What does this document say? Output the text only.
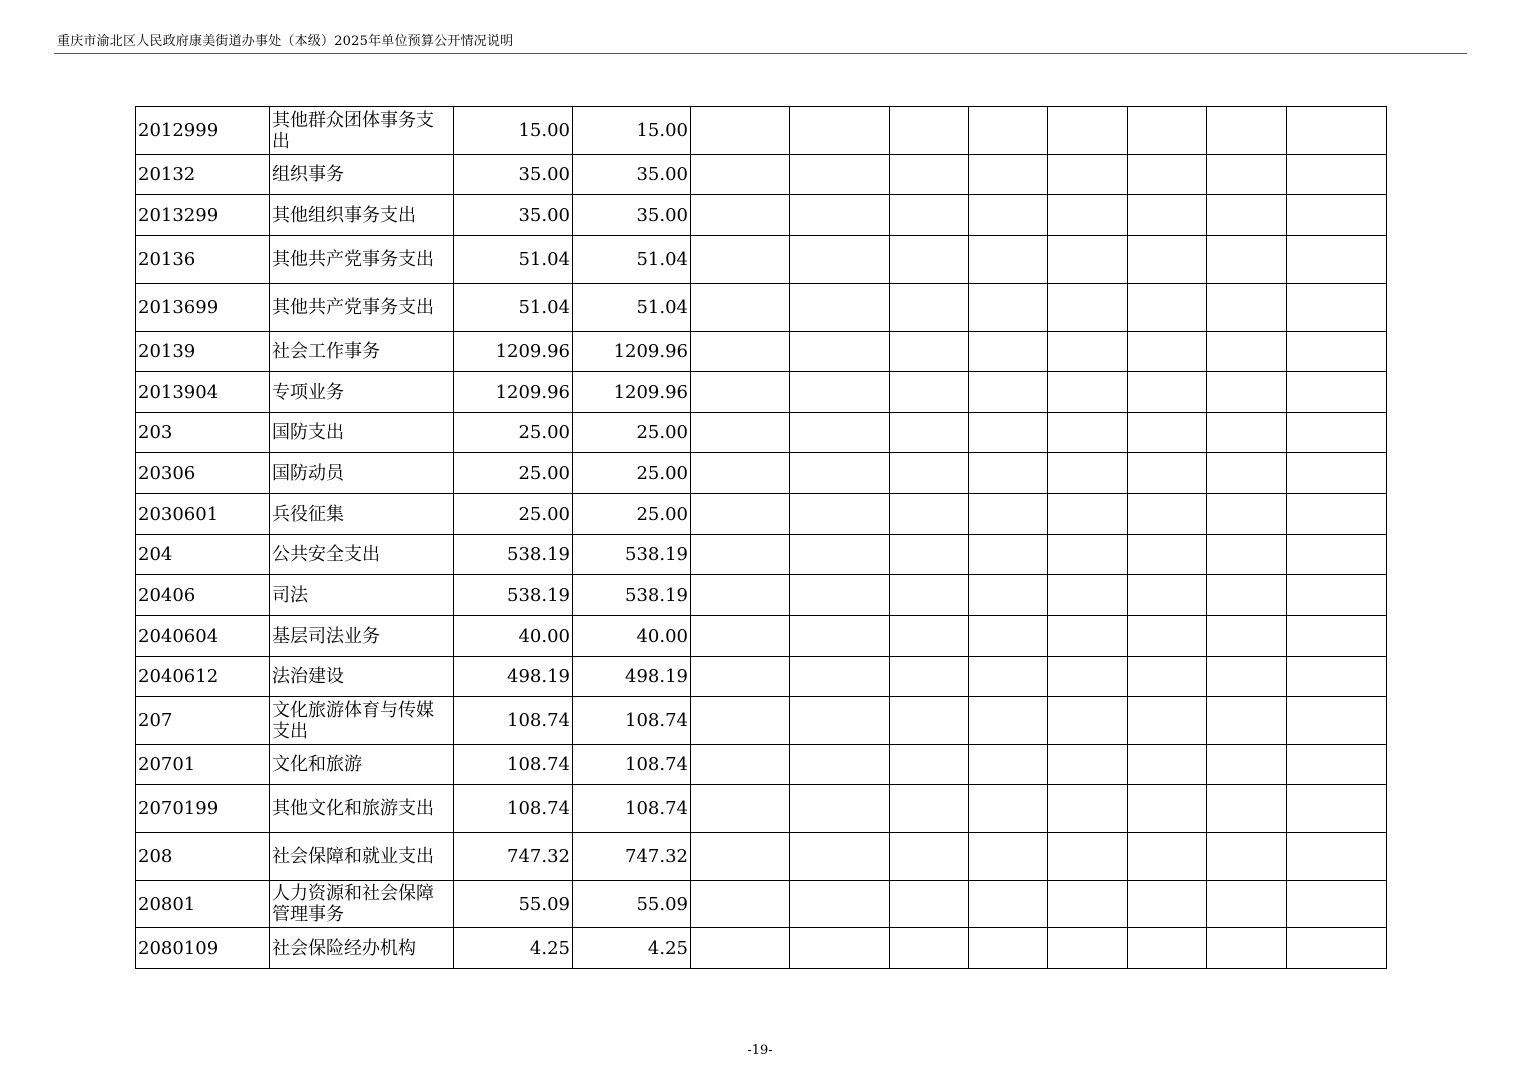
重庆市渝北区人民政府康美街道办事处（本级）2025年单位预算公开情况说明
2012999	其他群众团体事务支出	15.00	15.00								
20132	组织事务	35.00	35.00								
2013299	其他组织事务支出	35.00	35.00								
20136	其他共产党事务支出	51.04	51.04								
2013699	其他共产党事务支出	51.04	51.04								
20139	社会工作事务	1209.96	1209.96								
2013904	专项业务	1209.96	1209.96								
203	国防支出	25.00	25.00								
20306	国防动员	25.00	25.00								
2030601	兵役征集	25.00	25.00								
204	公共安全支出	538.19	538.19								
20406	司法	538.19	538.19								
2040604	基层司法业务	40.00	40.00								
2040612	法治建设	498.19	498.19								
207	文化旅游体育与传媒支出	108.74	108.74								
20701	文化和旅游	108.74	108.74								
2070199	其他文化和旅游支出	108.74	108.74								
208	社会保障和就业支出	747.32	747.32								
20801	人力资源和社会保障管理事务	55.09	55.09								
2080109	社会保险经办机构	4.25	4.25								
-19-
